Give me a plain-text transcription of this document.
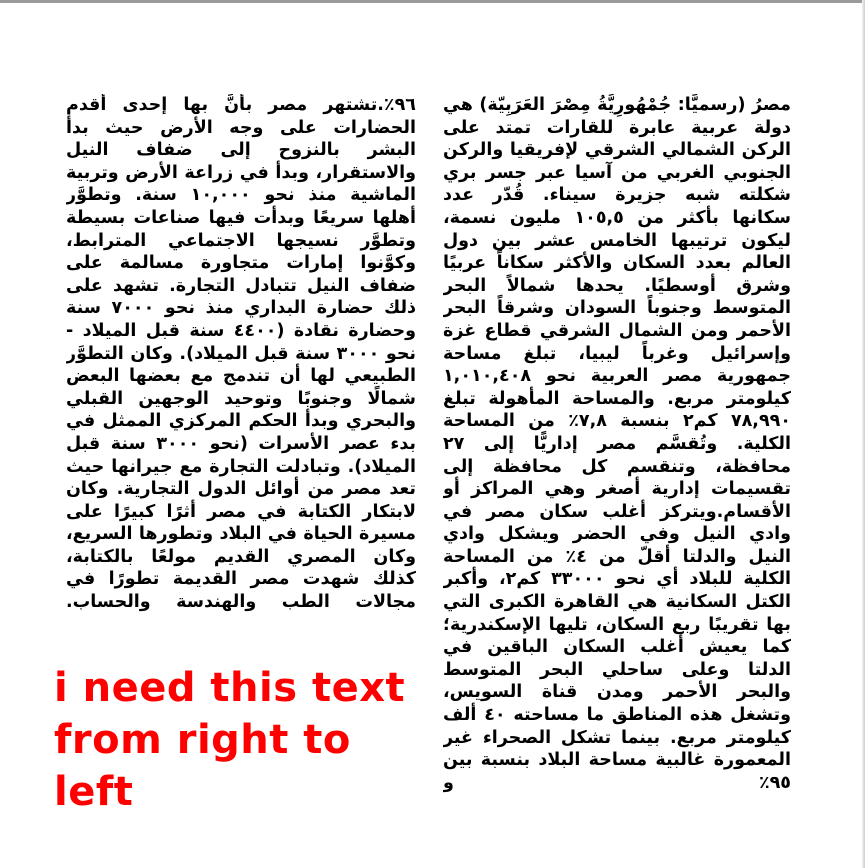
مصرُ (رسميًّا: جُمْهُورِيَّةُ مِصْرَ العَرَبِيّة) هي دولة عربية عابرة للقارات تمتد على الركن الشمالي الشرقي لإفريقيا والركن الجنوبي الغربي من آسيا عبر جسر بري شكلته شبه جزيرة سيناء. قُدّر عدد سكانها بأكثر من ١٠٥,٥ مليون نسمة، ليكون ترتيبها الخامس عشر بين دول العالم بعدد السكان والأكثر سكاناً عربيًا وشرق أوسطيًا. يحدها شمالاً البحر المتوسط وجنوباً السودان وشرقاً البحر الأحمر ومن الشمال الشرقي قطاع غزة وإسرائيل وغرباً ليبيا، تبلغ مساحة جمهورية مصر العربية نحو ١,٠١٠,٤٠٨ كيلومتر مربع. والمساحة المأهولة تبلغ ٧٨,٩٩٠ كم٢ بنسبة ٧,٨٪ من المساحة الكلية. وتُقسَّم مصر إداريًّا إلى ٢٧ محافظة، وتنقسم كل محافظة إلى تقسيمات إدارية أصغر وهي المراكز أو الأقسام.ويتركز أغلب سكان مصر في وادي النيل وفي الحضر ويشكل وادي النيل والدلتا أقلّ من ٤٪ من المساحة الكلية للبلاد أي نحو ٣٣٠٠٠ كم٢، وأكبر الكتل السكانية هي القاهرة الكبرى التي بها تقريبًا ربع السكان، تليها الإسكندرية؛ كما يعيش أغلب السكان الباقين في الدلتا وعلى ساحلي البحر المتوسط والبحر الأحمر ومدن قناة السويس، وتشغل هذه المناطق ما مساحته ٤٠ ألف كيلومتر مربع. بينما تشكل الصحراء غير المعمورة غالبية مساحة البلاد بنسبة بين ٩٥٪ و
٩٦٪.تشتهر مصر بأنَّ بها إحدى أقدم الحضارات على وجه الأرض حيث بدأ البشر بالنزوح إلى ضفاف النيل والاستقرار، وبدأ في زراعة الأرض وتربية الماشية منذ نحو ١٠,٠٠٠ سنة. وتطوَّر أهلها سريعًا وبدأت فيها صناعات بسيطة وتطوَّر نسيجها الاجتماعي المترابط، وكوَّنوا إمارات متجاورة مسالمة على ضفاف النيل تتبادل التجارة. تشهد على ذلك حضارة البداري منذ نحو ٧٠٠٠ سنة وحضارة نقادة (٤٤٠٠ سنة قبل الميلاد - نحو ٣٠٠٠ سنة قبل الميلاد). وكان التطوَّر الطبيعي لها أن تندمج مع بعضها البعض شمالًا وجنوبًا وتوحيد الوجهين القبلي والبحري وبدأ الحكم المركزي الممثل في بدء عصر الأسرات (نحو ٣٠٠٠ سنة قبل الميلاد). وتبادلت التجارة مع جيرانها حيث تعد مصر من أوائل الدول التجارية. وكان لابتكار الكتابة في مصر أثرًا كبيرًا على مسيرة الحياة في البلاد وتطورها السريع، وكان المصري القديم مولعًا بالكتابة، كذلك شهدت مصر القديمة تطورًا في مجالات الطب والهندسة والحساب.
i need this text from right to left
